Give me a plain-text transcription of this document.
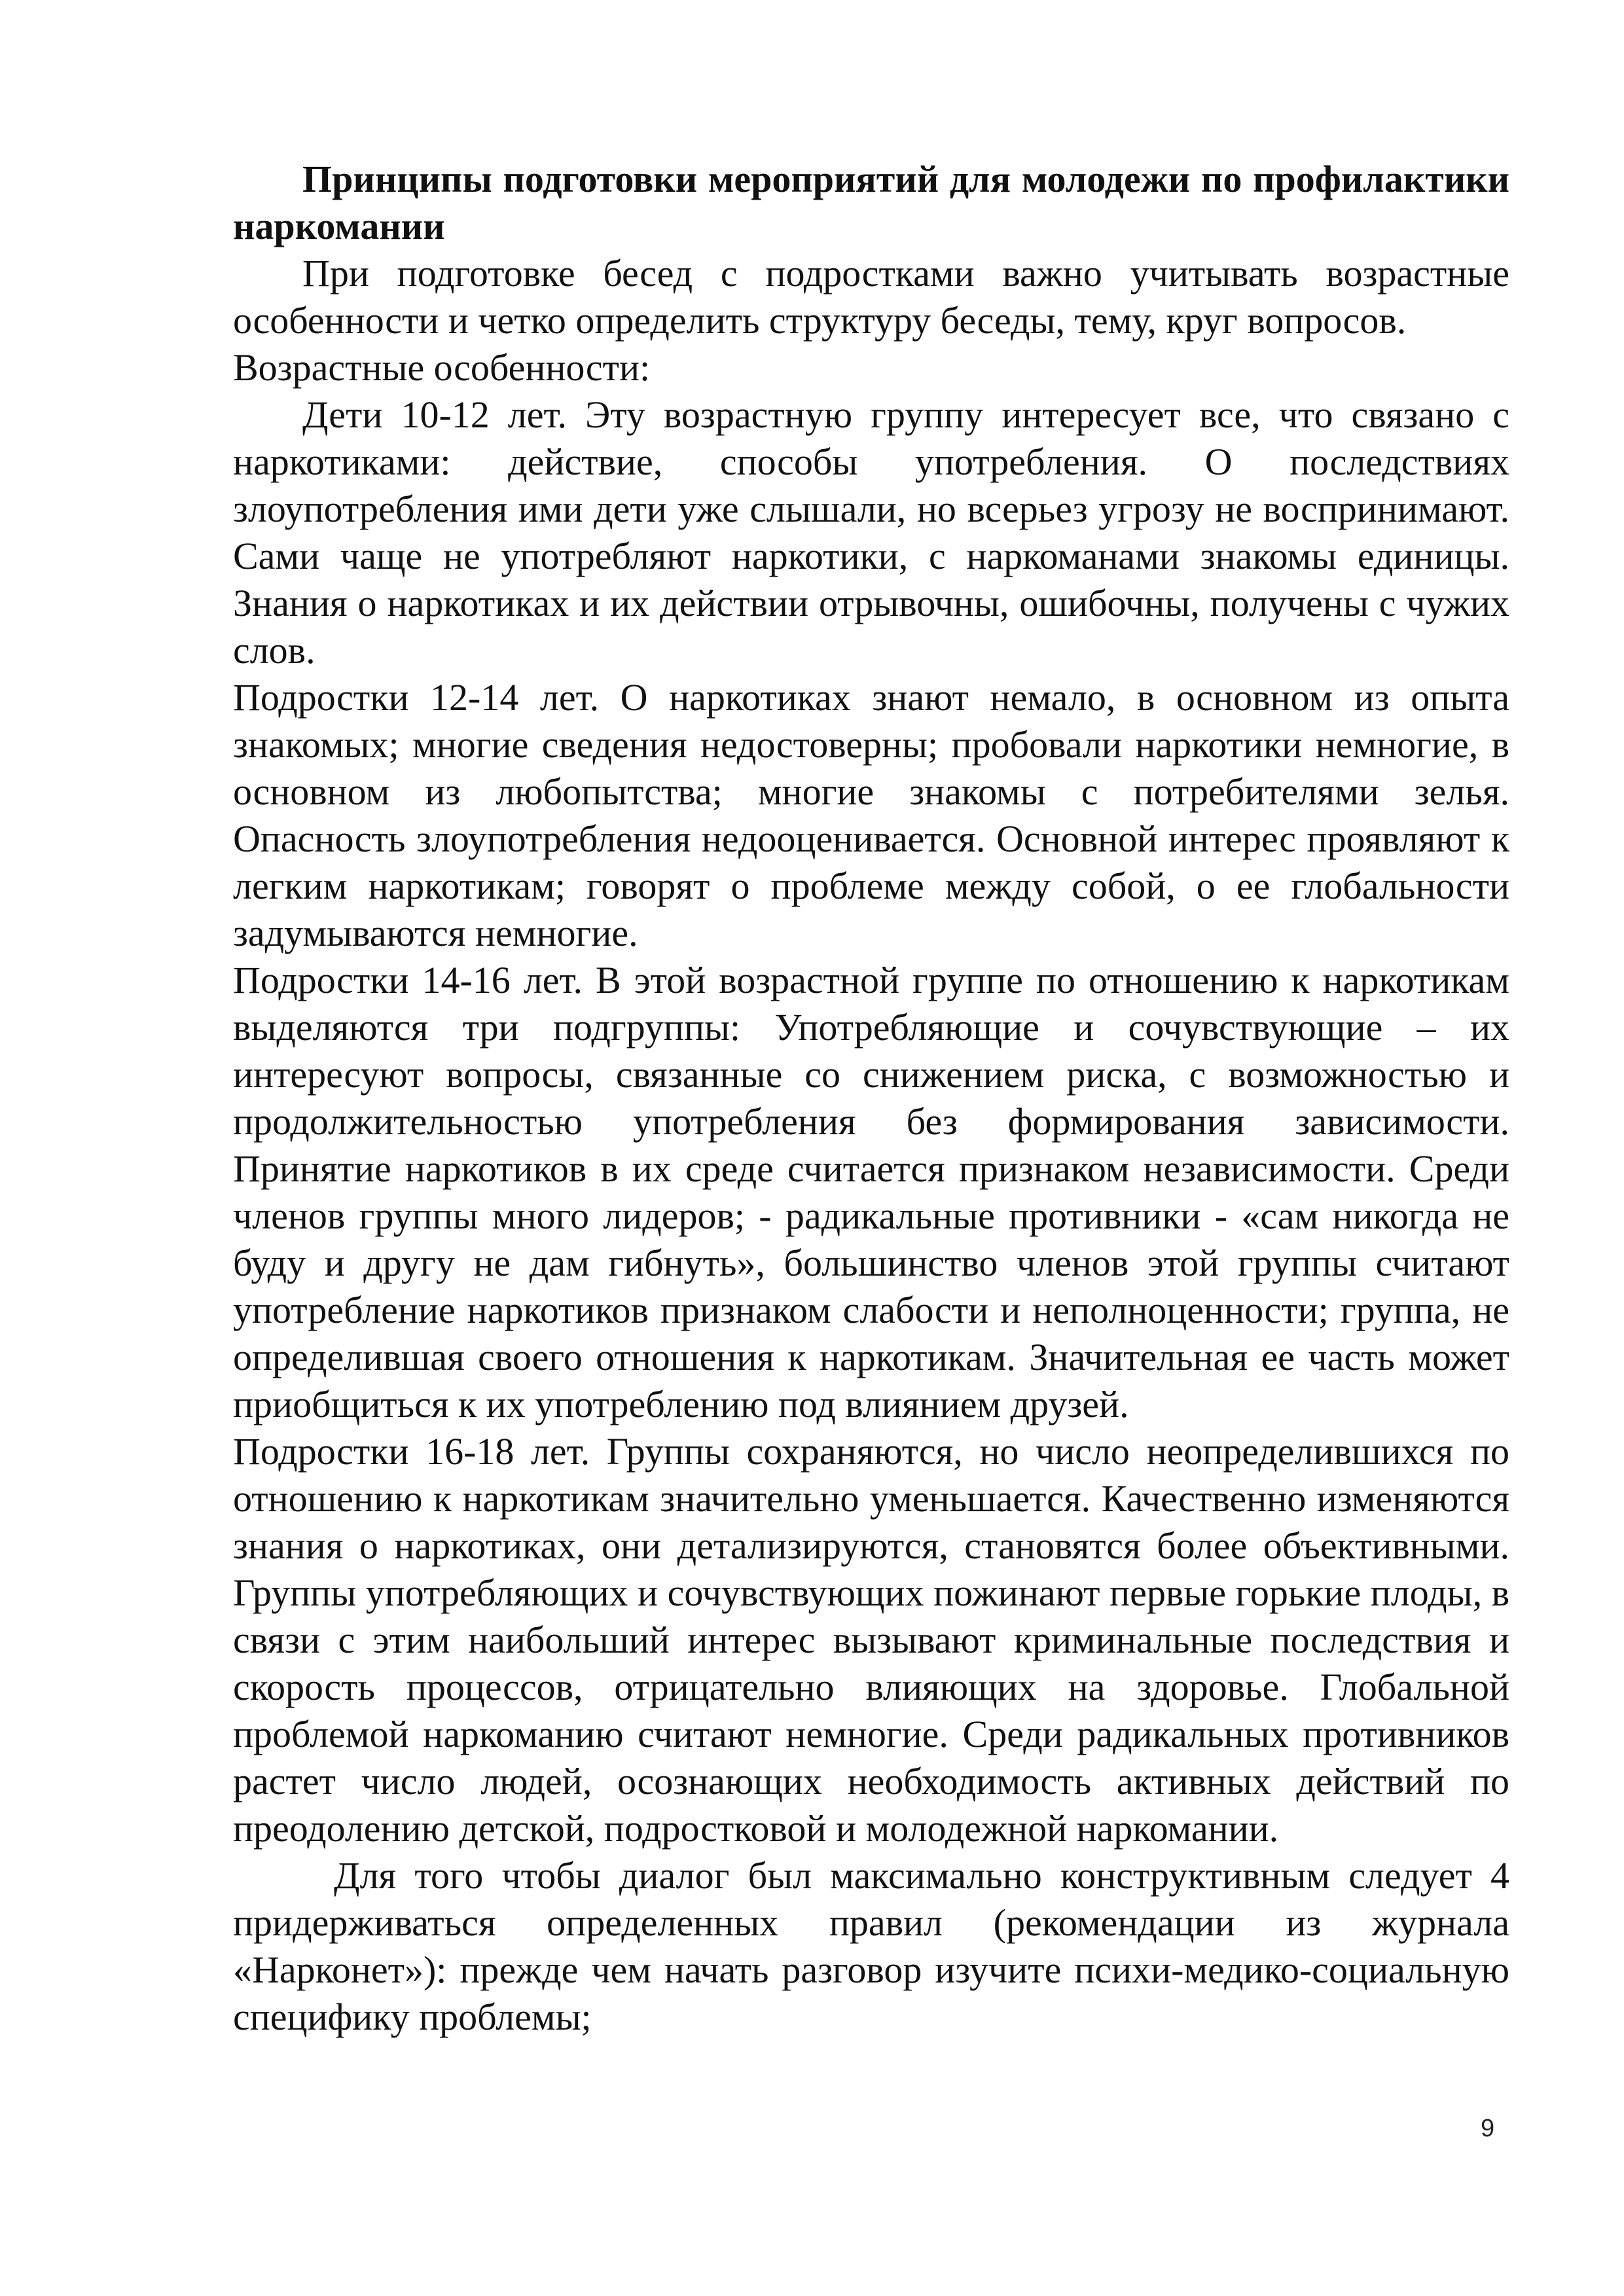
Принципы подготовки мероприятий для молодежи по профилактики наркомании

При подготовке бесед с подростками важно учитывать возрастные особенности и четко определить структуру беседы, тему, круг вопросов.

Возрастные особенности:

Дети 10-12 лет. Эту возрастную группу интересует все, что связано с наркотиками: действие, способы употребления. О последствиях злоупотребления ими дети уже слышали, но всерьез угрозу не воспринимают. Сами чаще не употребляют наркотики, с наркоманами знакомы единицы. Знания о наркотиках и их действии отрывочны, ошибочны, получены с чужих слов.

Подростки 12-14 лет. О наркотиках знают немало, в основном из опыта знакомых; многие сведения недостоверны; пробовали наркотики немногие, в основном из любопытства; многие знакомы с потребителями зелья. Опасность злоупотребления недооценивается. Основной интерес проявляют к легким наркотикам; говорят о проблеме между собой, о ее глобальности задумываются немногие.

Подростки 14-16 лет. В этой возрастной группе по отношению к наркотикам выделяются три подгруппы: Употребляющие и сочувствующие – их интересуют вопросы, связанные со снижением риска, с возможностью и продолжительностью употребления без формирования зависимости. Принятие наркотиков в их среде считается признаком независимости. Среди членов группы много лидеров; - радикальные противники - «сам никогда не буду и другу не дам гибнуть», большинство членов этой группы считают употребление наркотиков признаком слабости и неполноценности; группа, не определившая своего отношения к наркотикам. Значительная ее часть может приобщиться к их употреблению под влиянием друзей.

Подростки 16-18 лет. Группы сохраняются, но число неопределившихся по отношению к наркотикам значительно уменьшается. Качественно изменяются знания о наркотиках, они детализируются, становятся более объективными. Группы употребляющих и сочувствующих пожинают первые горькие плоды, в связи с этим наибольший интерес вызывают криминальные последствия и скорость процессов, отрицательно влияющих на здоровье. Глобальной проблемой наркоманию считают немногие. Среди радикальных противников растет число людей, осознающих необходимость активных действий по преодолению детской, подростковой и молодежной наркомании.

Для того чтобы диалог был максимально конструктивным следует 4 придерживаться определенных правил (рекомендации из журнала «Нарконет»): прежде чем начать разговор изучите психи-медико-социальную специфику проблемы;

9
